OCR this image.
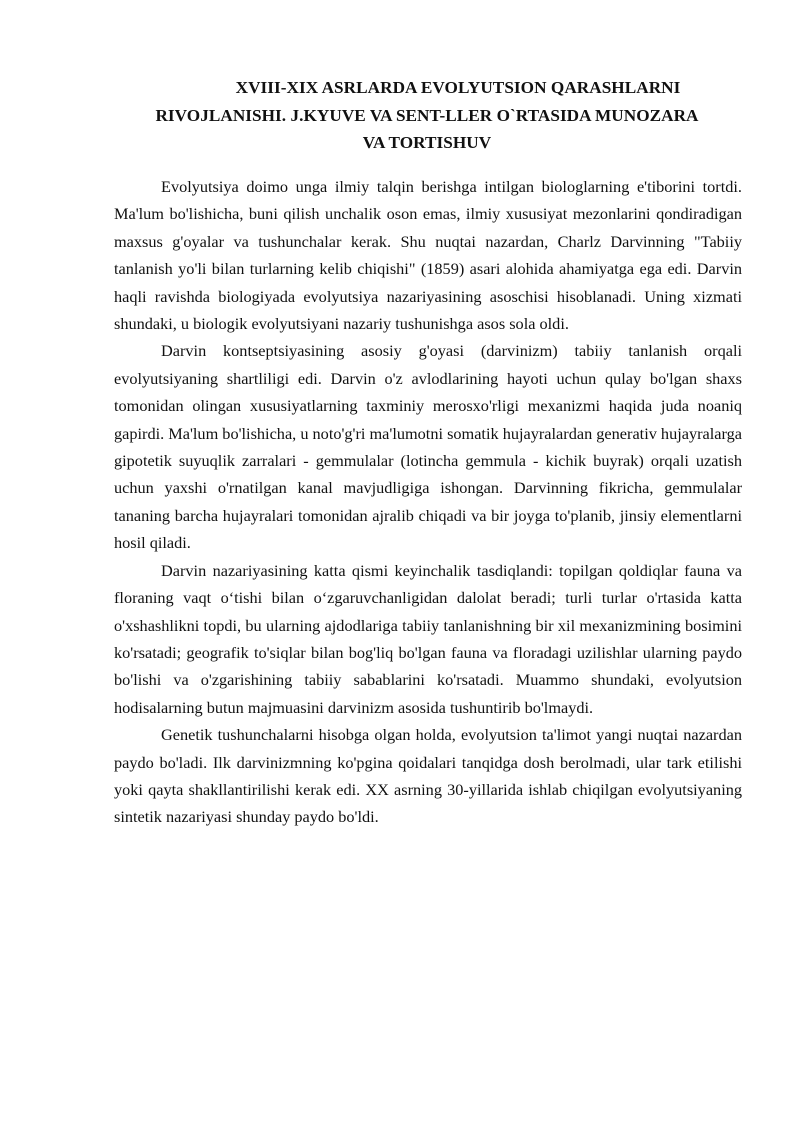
XVIII-XIX ASRLARDA EVOLYUTSION QARASHLARNI
RIVOJLANISHI. J.KYUVE VA SENT-LLER O`RTASIDA MUNOZARA
VA TORTISHUV

Evolyutsiya doimo unga ilmiy talqin berishga intilgan biologlarning e'tiborini tortdi. Ma'lum bo'lishicha, buni qilish unchalik oson emas, ilmiy xususiyat mezonlarini qondiradigan maxsus g'oyalar va tushunchalar kerak. Shu nuqtai nazardan, Charlz Darvinning "Tabiiy tanlanish yo'li bilan turlarning kelib chiqishi" (1859) asari alohida ahamiyatga ega edi. Darvin haqli ravishda biologiyada evolyutsiya nazariyasining asoschisi hisoblanadi. Uning xizmati shundaki, u biologik evolyutsiyani nazariy tushunishga asos sola oldi.

Darvin kontseptsiyasining asosiy g'oyasi (darvinizm) tabiiy tanlanish orqali evolyutsiyaning shartliligi edi. Darvin o'z avlodlarining hayoti uchun qulay bo'lgan shaxs tomonidan olingan xususiyatlarning taxminiy merosxo'rligi mexanizmi haqida juda noaniq gapirdi. Ma'lum bo'lishicha, u noto'g'ri ma'lumotni somatik hujayralardan generativ hujayralarga gipotetik suyuqlik zarralari - gemmulalar (lotincha gemmula - kichik buyrak) orqali uzatish uchun yaxshi o'rnatilgan kanal mavjudligiga ishongan. Darvinning fikricha, gemmulalar tananing barcha hujayralari tomonidan ajralib chiqadi va bir joyga to'planib, jinsiy elementlarni hosil qiladi.

Darvin nazariyasining katta qismi keyinchalik tasdiqlandi: topilgan qoldiqlar fauna va floraning vaqt o‘tishi bilan o‘zgaruvchanligidan dalolat beradi; turli turlar o'rtasida katta o'xshashlikni topdi, bu ularning ajdodlariga tabiiy tanlanishning bir xil mexanizmining bosimini ko'rsatadi; geografik to'siqlar bilan bog'liq bo'lgan fauna va floradagi uzilishlar ularning paydo bo'lishi va o'zgarishining tabiiy sabablarini ko'rsatadi. Muammo shundaki, evolyutsion hodisalarning butun majmuasini darvinizm asosida tushuntirib bo'lmaydi.

Genetik tushunchalarni hisobga olgan holda, evolyutsion ta'limot yangi nuqtai nazardan paydo bo'ladi. Ilk darvinizmning ko'pgina qoidalari tanqidga dosh berolmadi, ular tark etilishi yoki qayta shakllantirilishi kerak edi. XX asrning 30-yillarida ishlab chiqilgan evolyutsiyaning sintetik nazariyasi shunday paydo bo'ldi.
